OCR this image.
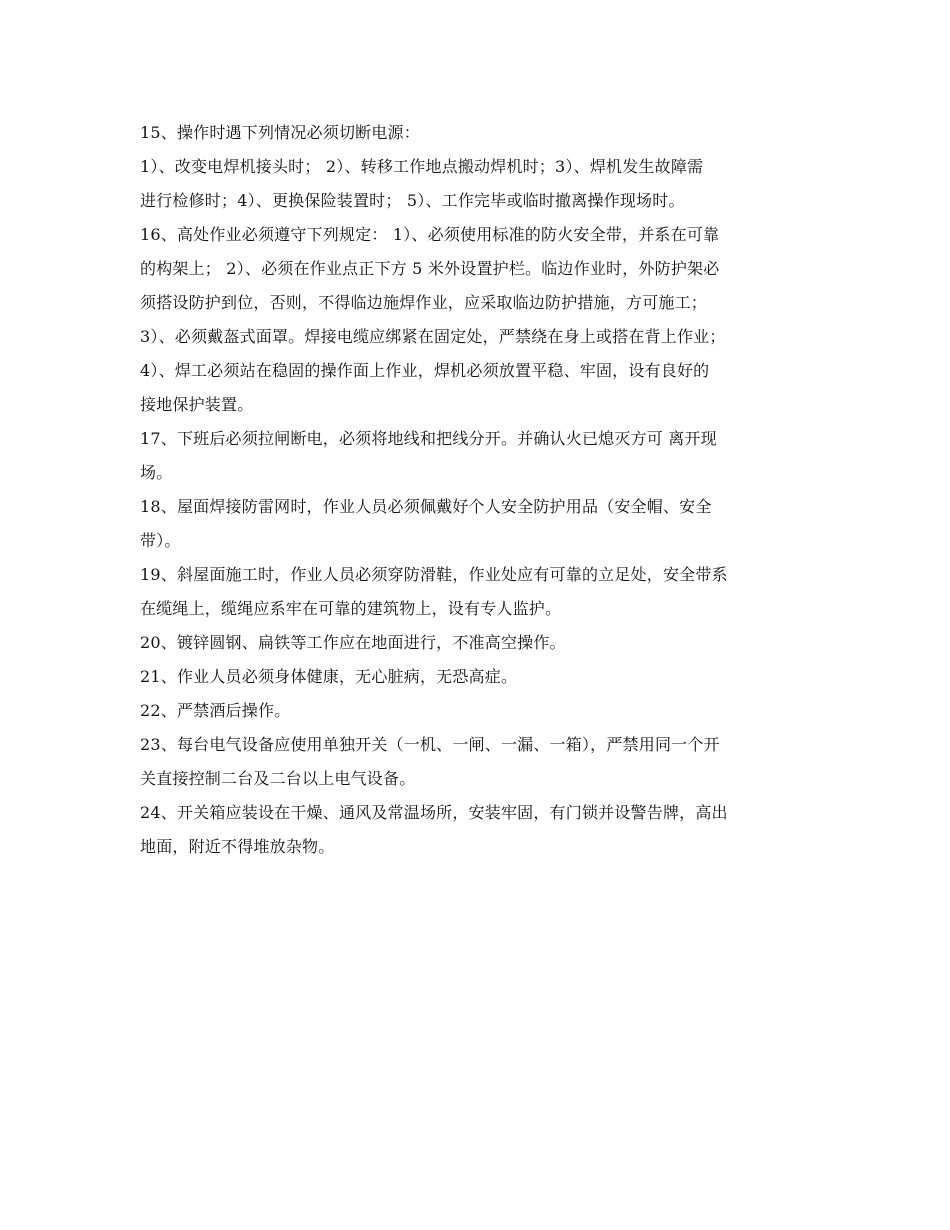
15、操作时遇下列情况必须切断电源：
1）、改变电焊机接头时； 2）、转移工作地点搬动焊机时；3）、焊机发生故障需
进行检修时；4）、更换保险装置时； 5）、工作完毕或临时撤离操作现场时。
16、高处作业必须遵守下列规定： 1）、必须使用标准的防火安全带，并系在可靠
的构架上； 2）、必须在作业点正下方 5 米外设置护栏。临边作业时，外防护架必
须搭设防护到位，否则，不得临边施焊作业，应采取临边防护措施，方可施工；
3）、必须戴盔式面罩。焊接电缆应绑紧在固定处，严禁绕在身上或搭在背上作业；
4）、焊工必须站在稳固的操作面上作业，焊机必须放置平稳、牢固，设有良好的
接地保护装置。
17、下班后必须拉闸断电，必须将地线和把线分开。并确认火已熄灭方可 离开现
场。
18、屋面焊接防雷网时，作业人员必须佩戴好个人安全防护用品（安全帽、安全
带）。
19、斜屋面施工时，作业人员必须穿防滑鞋，作业处应有可靠的立足处，安全带系
在缆绳上，缆绳应系牢在可靠的建筑物上，设有专人监护。
20、镀锌圆钢、扁铁等工作应在地面进行，不准高空操作。
21、作业人员必须身体健康，无心脏病，无恐高症。
22、严禁酒后操作。
23、每台电气设备应使用单独开关（一机、一闸、一漏、一箱），严禁用同一个开
关直接控制二台及二台以上电气设备。
24、开关箱应装设在干燥、通风及常温场所，安装牢固，有门锁并设警告牌，高出
地面，附近不得堆放杂物。
